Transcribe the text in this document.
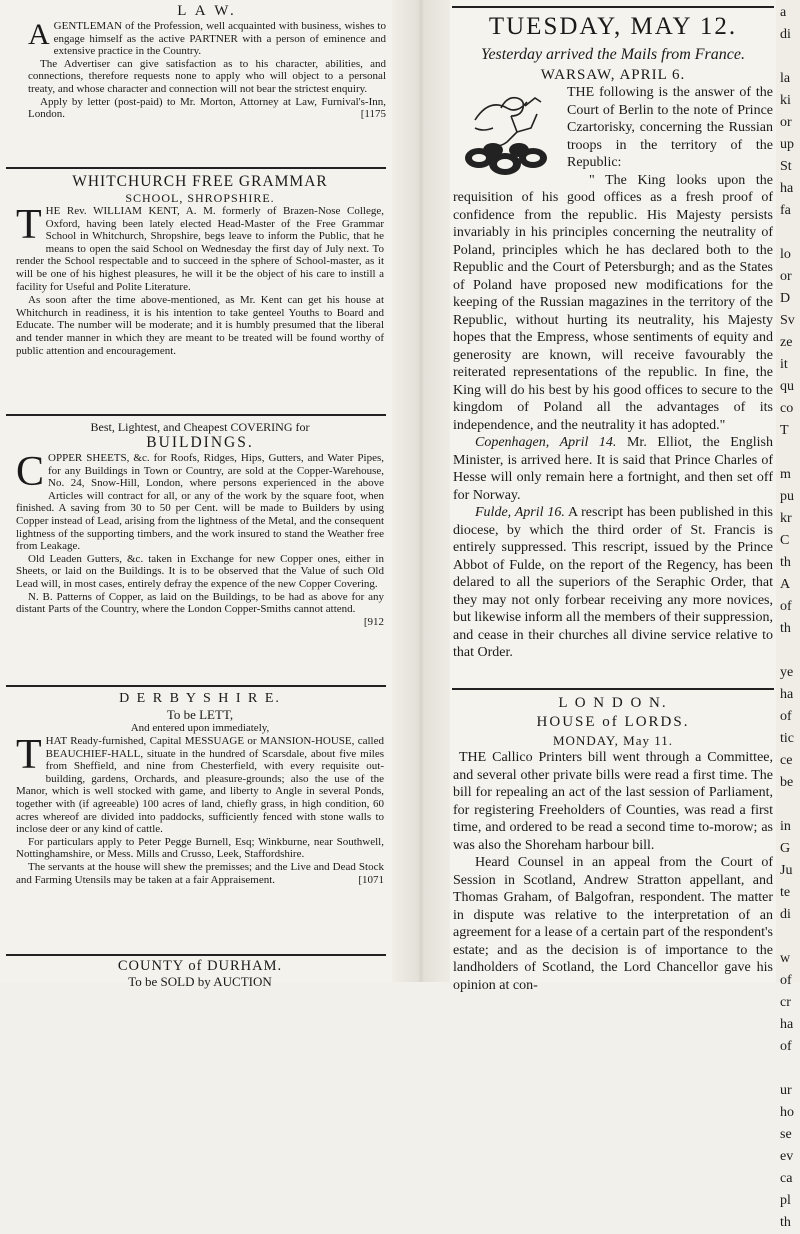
L A W.

AGENTLEMAN of the Profession, well acquainted with business, wishes to engage himself as the active PARTNER with a person of eminence and extensive practice in the Country.

The Advertiser can give satisfaction as to his character, abilities, and connections, therefore requests none to apply who will object to a personal treaty, and whose character and connection will not bear the strictest enquiry.

Apply by letter (post-paid) to Mr. Morton, Attorney at Law, Furnival's-Inn, London.	[1175

WHITCHURCH FREE GRAMMAR

SCHOOL, SHROPSHIRE.

THE Rev. WILLIAM KENT, A. M. formerly of Brazen-Nose College, Oxford, having been lately elected Head-Master of the Free Grammar School in Whitchurch, Shropshire, begs leave to inform the Public, that he means to open the said School on Wednesday the first day of July next. To render the School respectable and to succeed in the sphere of School-master, as it will be one of his highest pleasures, he will it be the object of his care to instill a facility for Useful and Polite Literature.

As soon after the time above-mentioned, as Mr. Kent can get his house at Whitchurch in readiness, it is his intention to take genteel Youths to Board and Educate. The number will be moderate; and it is humbly presumed that the liberal and tender manner in which they are meant to be treated will be found worthy of public attention and encouragement.

Best, Lightest, and Cheapest COVERING for

BUILDINGS.

COPPER SHEETS, &c. for Roofs, Ridges, Hips, Gutters, and Water Pipes, for any Buildings in Town or Country, are sold at the Copper-Warehouse, No. 24, Snow-Hill, London, where persons experienced in the above Articles will contract for all, or any of the work by the square foot, when finished. A saving from 30 to 50 per Cent. will be made to Builders by using Copper instead of Lead, arising from the lightness of the Metal, and the consequent lightness of the supporting timbers, and the work insured to stand the Weather free from Leakage.

Old Leaden Gutters, &c. taken in Exchange for new Copper ones, either in Sheets, or laid on the Buildings. It is to be observed that the Value of such Old Lead will, in most cases, entirely defray the expence of the new Copper Covering.

N. B. Patterns of Copper, as laid on the Buildings, to be had as above for any distant Parts of the Country, where the London Copper-Smiths cannot attend.
[912

D E R B Y S H I R E.

To be LETT,

And entered upon immediately,

THAT Ready-furnished, Capital MESSUAGE or MANSION-HOUSE, called BEAUCHIEF-HALL, situate in the hundred of Scarsdale, about five miles from Sheffield, and nine from Chesterfield, with every requisite out-building, gardens, Orchards, and pleasure-grounds; also the use of the Manor, which is well stocked with game, and liberty to Angle in several Ponds, together with (if agreeable) 100 acres of land, chiefly grass, in high condition, 60 acres whereof are divided into paddocks, sufficiently fenced with stone walls to inclose deer or any kind of cattle.

For particulars apply to Peter Pegge Burnell, Esq; Winkburne, near Southwell, Nottinghamshire, or Mess. Mills and Crusso, Leek, Staffordshire.

The servants at the house will shew the premisses; and the Live and Dead Stock and Farming Utensils may be taken at a fair Appraisement.	[1071

COUNTY of DURHAM.

To be SOLD by AUCTION

TUESDAY, MAY 12.

Yesterday arrived the Mails from France.

WARSAW, APRIL 6.

THE following is the answer of the Court of Berlin to the note of Prince Czartorisky, concerning the Russian troops in the territory of the Republic:

" The King looks upon the requisition of his good offices as a fresh proof of confidence from the republic. His Majesty persists invariably in his principles concerning the neutrality of Poland, principles which he has declared both to the Republic and the Court of Petersburgh; and as the States of Poland have proposed new modifications for the keeping of the Russian magazines in the territory of the Republic, without hurting its neutrality, his Majesty hopes that the Empress, whose sentiments of equity and generosity are known, will receive favourably the reiterated representations of the republic. In fine, the King will do his best by his good offices to secure to the kingdom of Poland all the advantages of its independence, and the neutrality it has adopted."

Copenhagen, April 14. Mr. Elliot, the English Minister, is arrived here. It is said that Prince Charles of Hesse will only remain here a fortnight, and then set off for Norway.

Fulde, April 16. A rescript has been published in this diocese, by which the third order of St. Francis is entirely suppressed. This rescript, issued by the Prince Abbot of Fulde, on the report of the Regency, has been delared to all the superiors of the Seraphic Order, that they may not only forbear receiving any more novices, but likewise inform all the members of their suppression, and cease in their churches all divine service relative to that Order.

L O N D O N.

HOUSE of LORDS.

MONDAY, May 11.

THE Callico Printers bill went through a Committee, and several other private bills were read a first time. The bill for repealing an act of the last session of Parliament, for registering Freeholders of Counties, was read a first time, and ordered to be read a second time to-morow; as was also the Shoreham harbour bill.

Heard Counsel in an appeal from the Court of Session in Scotland, Andrew Stratton appellant, and Thomas Graham, of Balgofran, respondent. The matter in dispute was relative to the interpretation of an agreement for a lease of a certain part of the respondent's estate; and as the decision is of importance to the landholders of Scotland, the Lord Chancellor gave his opinion at con-

a
di

la
ki
or
up
St
ha
fa

lo
or
D
Sv
ze
it
qu
co
T

m
pu
kr
C
th
A
of
th

ye
ha
of
tic
ce
be

in
G
Ju
te
di

w
of
cr
ha
of

ur
ho
se
ev
ca
pl
th
